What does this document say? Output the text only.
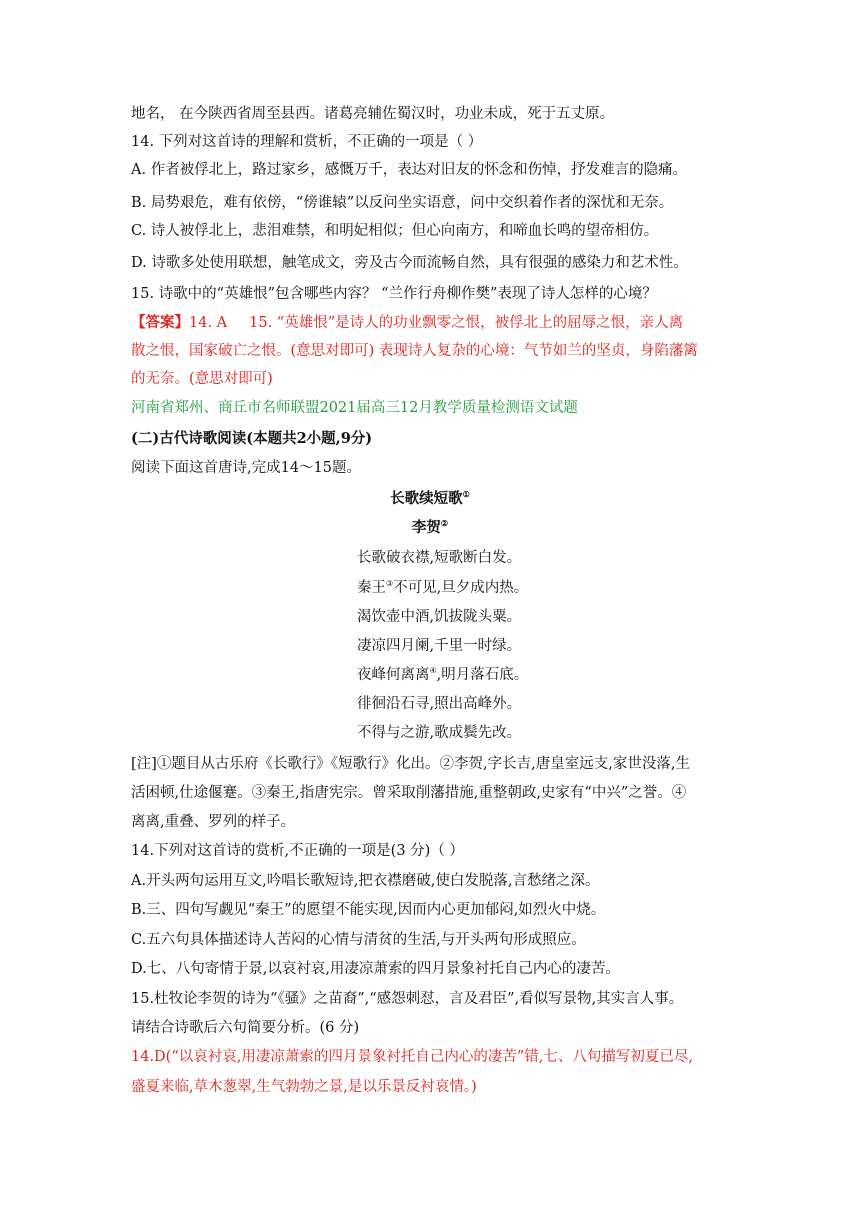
地名， 在今陕西省周至县西。诸葛亮辅佐蜀汉时，功业未成，死于五丈原。
14. 下列对这首诗的理解和赏析，不正确的一项是（ ）
A. 作者被俘北上，路过家乡，感慨万千，表达对旧友的怀念和伤悼，抒发难言的隐痛。
B. 局势艰危，难有依傍，“傍谁辕”以反问坐实语意，问中交织着作者的深忧和无奈。
C. 诗人被俘北上，悲泪难禁，和明妃相似；但心向南方，和啼血长鸣的望帝相仿。
D. 诗歌多处使用联想，触笔成文，旁及古今而流畅自然，具有很强的感染力和艺术性。
15. 诗歌中的“英雄恨”包含哪些内容？ “兰作行舟柳作樊”表现了诗人怎样的心境？
【答案】14. A 15. “英雄恨”是诗人的功业飘零之恨，被俘北上的屈辱之恨，亲人离
散之恨，国家破亡之恨。(意思对即可) 表现诗人复杂的心境：气节如兰的坚贞，身陷藩篱
的无奈。(意思对即可)
河南省郑州、商丘市名师联盟2021届高三12月教学质量检测语文试题
(二)古代诗歌阅读(本题共2小题,9分)
阅读下面这首唐诗,完成14～15题。
长歌续短歌①
李贺②
长歌破衣襟,短歌断白发。
秦王③不可见,旦夕成内热。
渴饮壶中酒,饥拔陇头粟。
凄凉四月阑,千里一时绿。
夜峰何离离④,明月落石底。
徘徊沿石寻,照出高峰外。
不得与之游,歌成鬓先改。
[注]①题目从古乐府《长歌行》《短歌行》化出。②李贺,字长吉,唐皇室远支,家世没落,生
活困顿,仕途偃蹇。③秦王,指唐宪宗。曾采取削藩措施,重整朝政,史家有“中兴”之誉。④
离离,重叠、罗列的样子。
14.下列对这首诗的赏析,不正确的一项是(3 分)（ ）
A.开头两句运用互文,吟唱长歌短诗,把衣襟磨破,使白发脱落,言愁绪之深。
B.三、四句写觑见“秦王”的愿望不能实现,因而内心更加郁闷,如烈火中烧。
C.五六句具体描述诗人苦闷的心情与清贫的生活,与开头两句形成照应。
D.七、八句寄情于景,以哀衬哀,用凄凉萧索的四月景象衬托自己内心的凄苦。
15.杜牧论李贺的诗为“《骚》之苗裔”,“感怨刺怼，言及君臣”,看似写景物,其实言人事。
请结合诗歌后六句简要分析。(6 分)
14.D(“以哀衬哀,用凄凉萧索的四月景象衬托自己内心的凄苦”错,七、八句描写初夏已尽,
盛夏来临,草木葱翠,生气勃勃之景,是以乐景反衬哀情。)
